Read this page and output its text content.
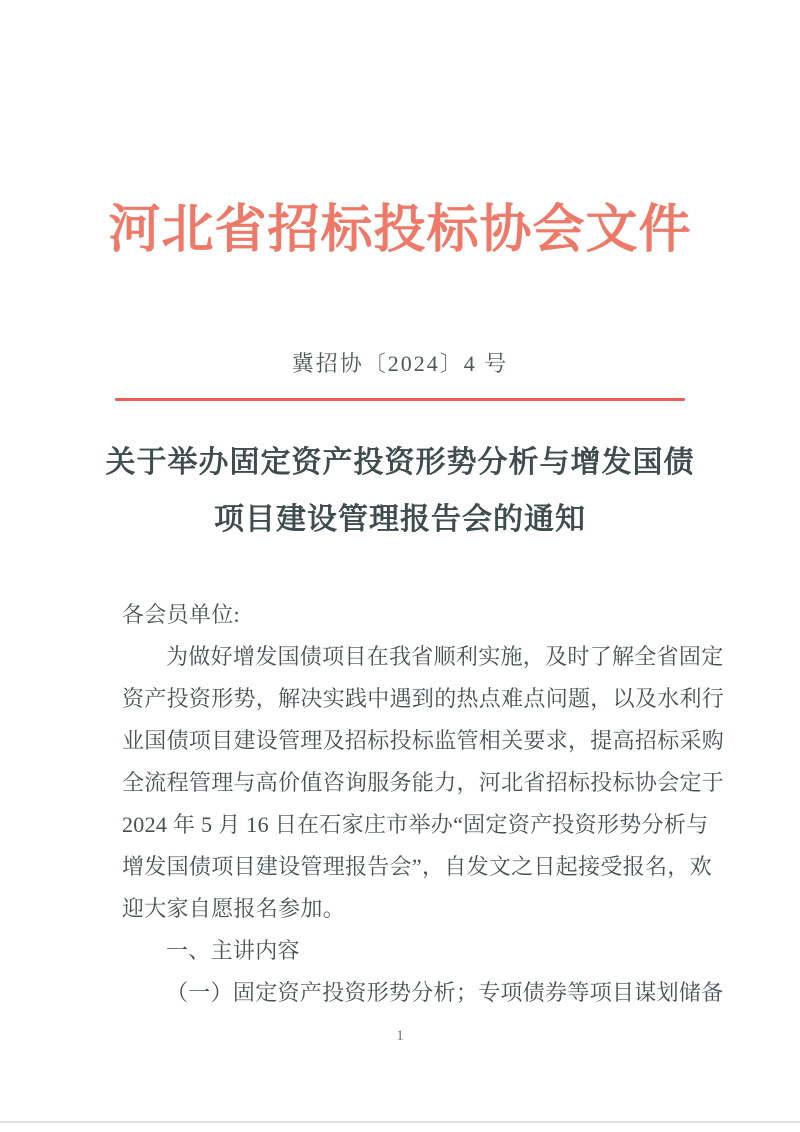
河北省招标投标协会文件
冀招协〔2024〕4 号
关于举办固定资产投资形势分析与增发国债
项目建设管理报告会的通知
各会员单位:
为做好增发国债项目在我省顺利实施，及时了解全省固定
资产投资形势，解决实践中遇到的热点难点问题，以及水利行
业国债项目建设管理及招标投标监管相关要求，提高招标采购
全流程管理与高价值咨询服务能力，河北省招标投标协会定于
2024 年 5 月 16 日在石家庄市举办“固定资产投资形势分析与
增发国债项目建设管理报告会”，自发文之日起接受报名，欢
迎大家自愿报名参加。
一、主讲内容
（一）固定资产投资形势分析；专项债券等项目谋划储备
1
